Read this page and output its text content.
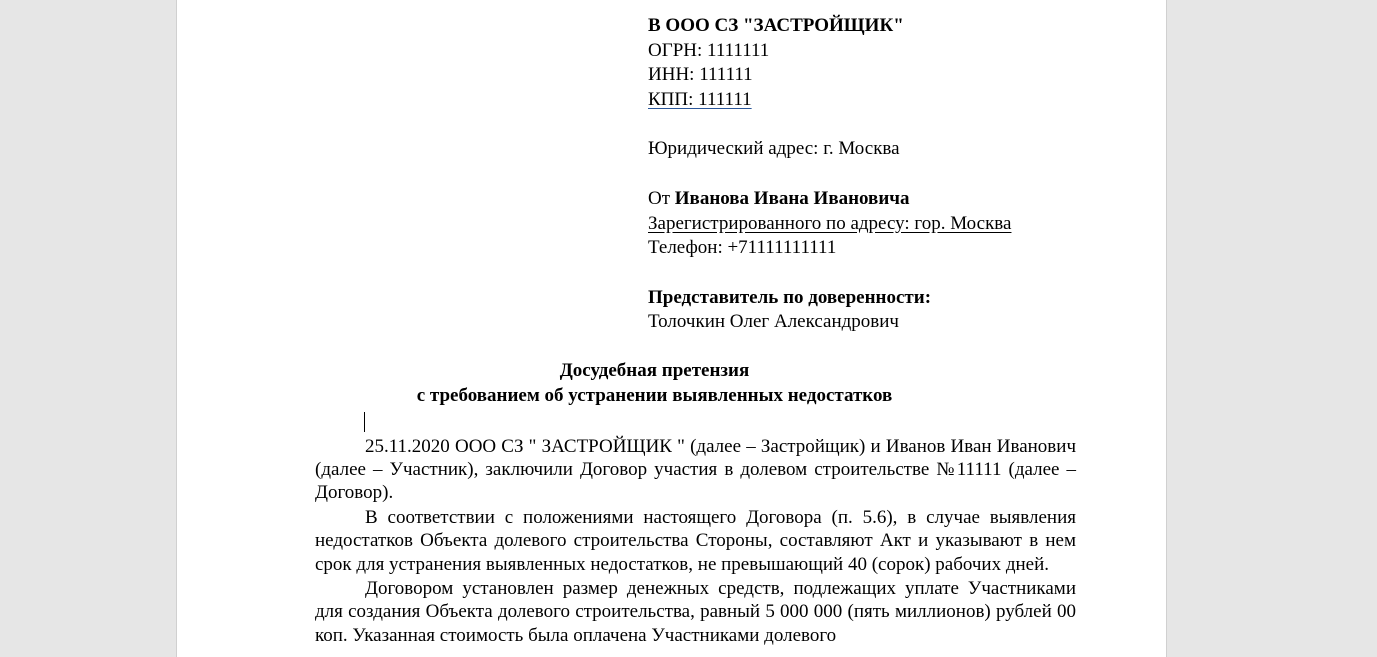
В ООО СЗ "ЗАСТРОЙЩИК"
ОГРН: 1111111
ИНН: 111111
КПП: 111111
Юридический адрес: г. Москва
От Иванова Ивана Ивановича
Зарегистрированного по адресу: гор. Москва
Телефон: +71111111111
Представитель по доверенности:
Толочкин Олег Александрович
Досудебная претензия
с требованием об устранении выявленных недостатков

25.11.2020 ООО СЗ " ЗАСТРОЙЩИК " (далее – Застройщик) и Иванов Иван Иванович (далее – Участник), заключили Договор участия в долевом строительстве №11111 (далее – Договор).

В соответствии с положениями настоящего Договора (п. 5.6), в случае выявления недостатков Объекта долевого строительства Стороны, составляют Акт и указывают в нем срок для устранения выявленных недостатков, не превышающий 40 (сорок) рабочих дней.

Договором установлен размер денежных средств, подлежащих уплате Участниками для создания Объекта долевого строительства, равный 5 000 000 (пять миллионов) рублей 00 коп. Указанная стоимость была оплачена Участниками долевого
